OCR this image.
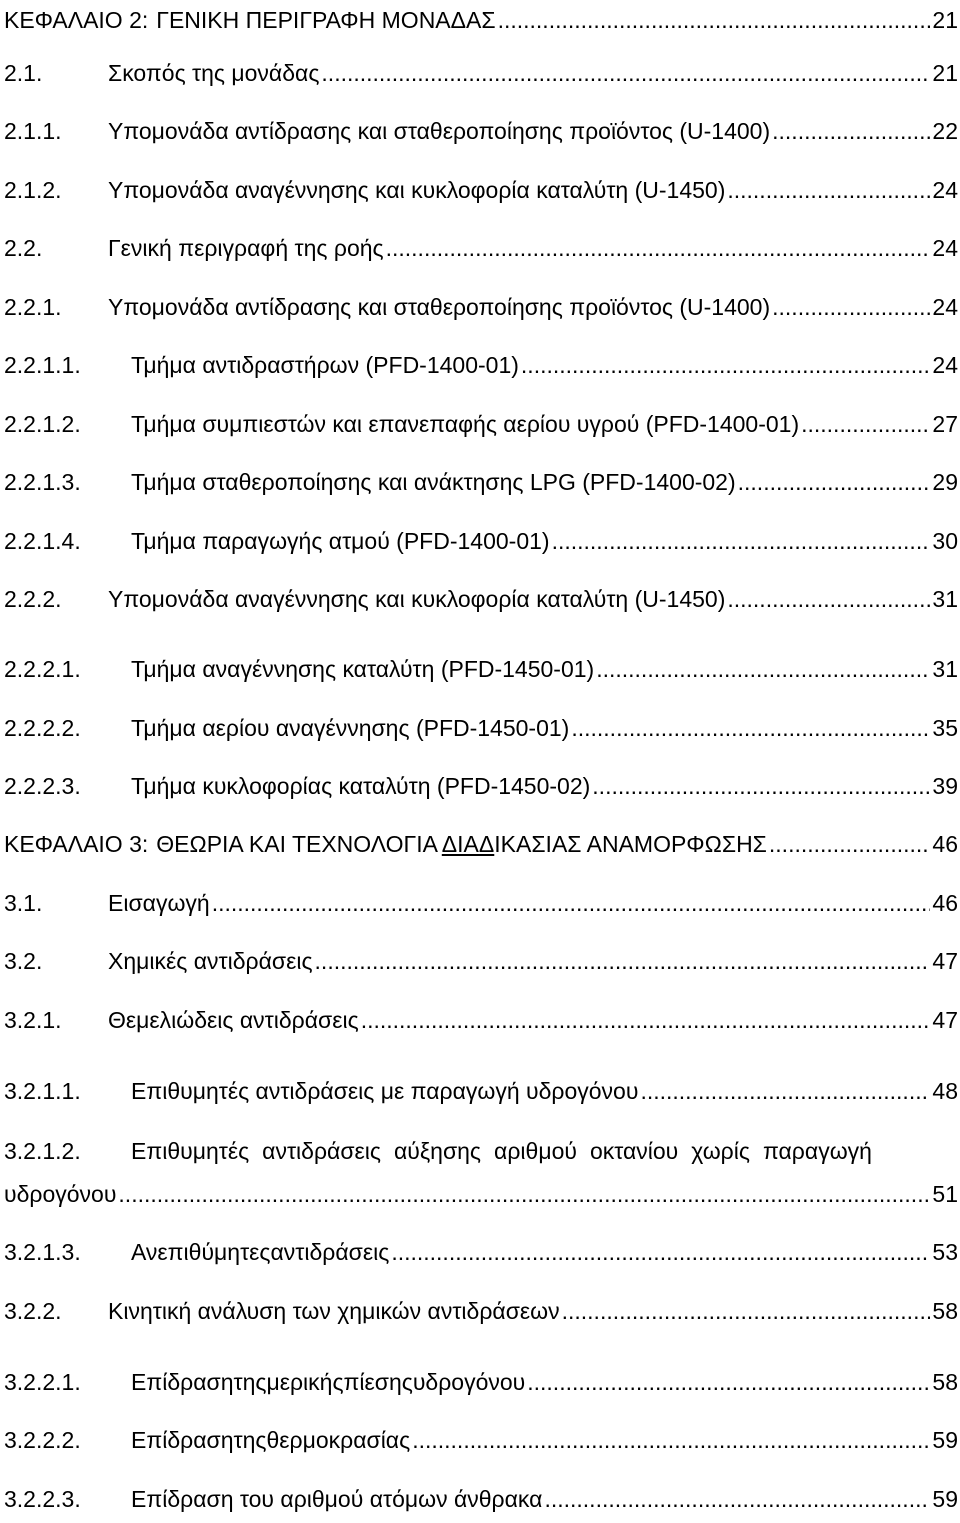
ΚΕΦΑΛΑΙΟ 2: ΓΕΝΙΚΗ ΠΕΡΙΓΡΑΦΗ ΜΟΝΑΔΑΣ .....	21
2.1.	Σκοπός της μονάδας .....	21
2.1.1.	Υπομονάδα αντίδρασης και σταθεροποίησης προϊόντος (U-1400) .....	22
2.1.2.	Υπομονάδα αναγέννησης και κυκλοφορία καταλύτη (U-1450) .....	24
2.2.	Γενική περιγραφή της ροής .....	24
2.2.1.	Υπομονάδα αντίδρασης και σταθεροποίησης προϊόντος (U-1400) .....	24
2.2.1.1.	Τμήμα αντιδραστήρων (PFD-1400-01) .....	24
2.2.1.2.	Τμήμα συμπιεστών και επανεπαφής αερίου υγρού (PFD-1400-01) .....	27
2.2.1.3.	Τμήμα σταθεροποίησης και ανάκτησης LPG (PFD-1400-02) .....	29
2.2.1.4.	Τμήμα παραγωγής ατμού (PFD-1400-01) .....	30
2.2.2.	Υπομονάδα αναγέννησης και κυκλοφορία καταλύτη (U-1450) .....	31
2.2.2.1.	Τμήμα αναγέννησης καταλύτη (PFD-1450-01) .....	31
2.2.2.2.	Τμήμα αερίου αναγέννησης (PFD-1450-01) .....	35
2.2.2.3.	Τμήμα κυκλοφορίας καταλύτη (PFD-1450-02) .....	39
ΚΕΦΑΛΑΙΟ 3: ΘΕΩΡΙΑ ΚΑΙ ΤΕΧΝΟΛΟΓΙΑ ΔΙΑΔΙΚΑΣΙΑΣ ΑΝΑΜΟΡΦΩΣΗΣ .....	46
3.1.	Εισαγωγή .....	46
3.2.	Χημικές αντιδράσεις .....	47
3.2.1.	Θεμελιώδεις αντιδράσεις .....	47
3.2.1.1.	Επιθυμητές αντιδράσεις με παραγωγή υδρογόνου .....	48
3.2.1.2.	Επιθυμητές αντιδράσεις αύξησης αριθμού οκτανίου χωρίς παραγωγή
υδρογόνου .....	51
3.2.1.3.	Ανεπιθύμητεςαντιδράσεις .....	53
3.2.2.	Κινητική ανάλυση των χημικών αντιδράσεων .....	58
3.2.2.1.	Επίδρασητηςμερικήςπίεσηςυδρογόνου .....	58
3.2.2.2.	Επίδρασητηςθερμοκρασίας .....	59
3.2.2.3.	Επίδραση του αριθμού ατόμων άνθρακα .....	59
